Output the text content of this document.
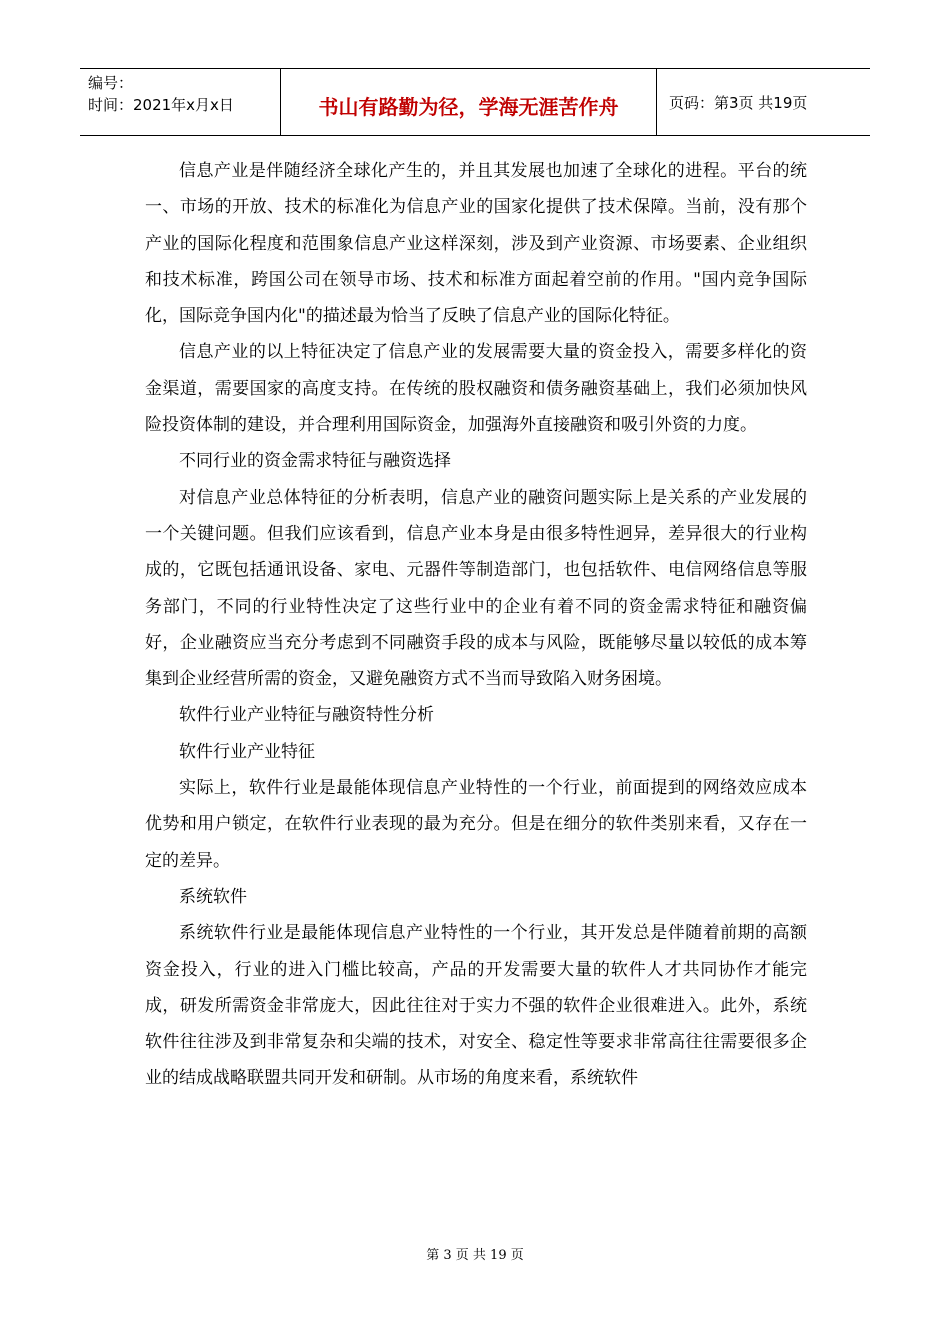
编号：
时间：2021年x月x日	书山有路勤为径，学海无涯苦作舟	页码：第3页 共19页

信息产业是伴随经济全球化产生的，并且其发展也加速了全球化的进程。平台的统一、市场的开放、技术的标准化为信息产业的国家化提供了技术保障。当前，没有那个产业的国际化程度和范围象信息产业这样深刻，涉及到产业资源、市场要素、企业组织和技术标准，跨国公司在领导市场、技术和标准方面起着空前的作用。"国内竞争国际化，国际竞争国内化"的描述最为恰当了反映了信息产业的国际化特征。

信息产业的以上特征决定了信息产业的发展需要大量的资金投入，需要多样化的资金渠道，需要国家的高度支持。在传统的股权融资和债务融资基础上，我们必须加快风险投资体制的建设，并合理利用国际资金，加强海外直接融资和吸引外资的力度。

不同行业的资金需求特征与融资选择

对信息产业总体特征的分析表明，信息产业的融资问题实际上是关系的产业发展的一个关键问题。但我们应该看到，信息产业本身是由很多特性迥异，差异很大的行业构成的，它既包括通讯设备、家电、元器件等制造部门，也包括软件、电信网络信息等服务部门，不同的行业特性决定了这些行业中的企业有着不同的资金需求特征和融资偏好，企业融资应当充分考虑到不同融资手段的成本与风险，既能够尽量以较低的成本筹集到企业经营所需的资金，又避免融资方式不当而导致陷入财务困境。

软件行业产业特征与融资特性分析

软件行业产业特征

实际上，软件行业是最能体现信息产业特性的一个行业，前面提到的网络效应成本优势和用户锁定，在软件行业表现的最为充分。但是在细分的软件类别来看，又存在一定的差异。

系统软件

系统软件行业是最能体现信息产业特性的一个行业，其开发总是伴随着前期的高额资金投入，行业的进入门槛比较高，产品的开发需要大量的软件人才共同协作才能完成，研发所需资金非常庞大，因此往往对于实力不强的软件企业很难进入。此外，系统软件往往涉及到非常复杂和尖端的技术，对安全、稳定性等要求非常高往往需要很多企业的结成战略联盟共同开发和研制。从市场的角度来看，系统软件

第 3 页 共 19 页
